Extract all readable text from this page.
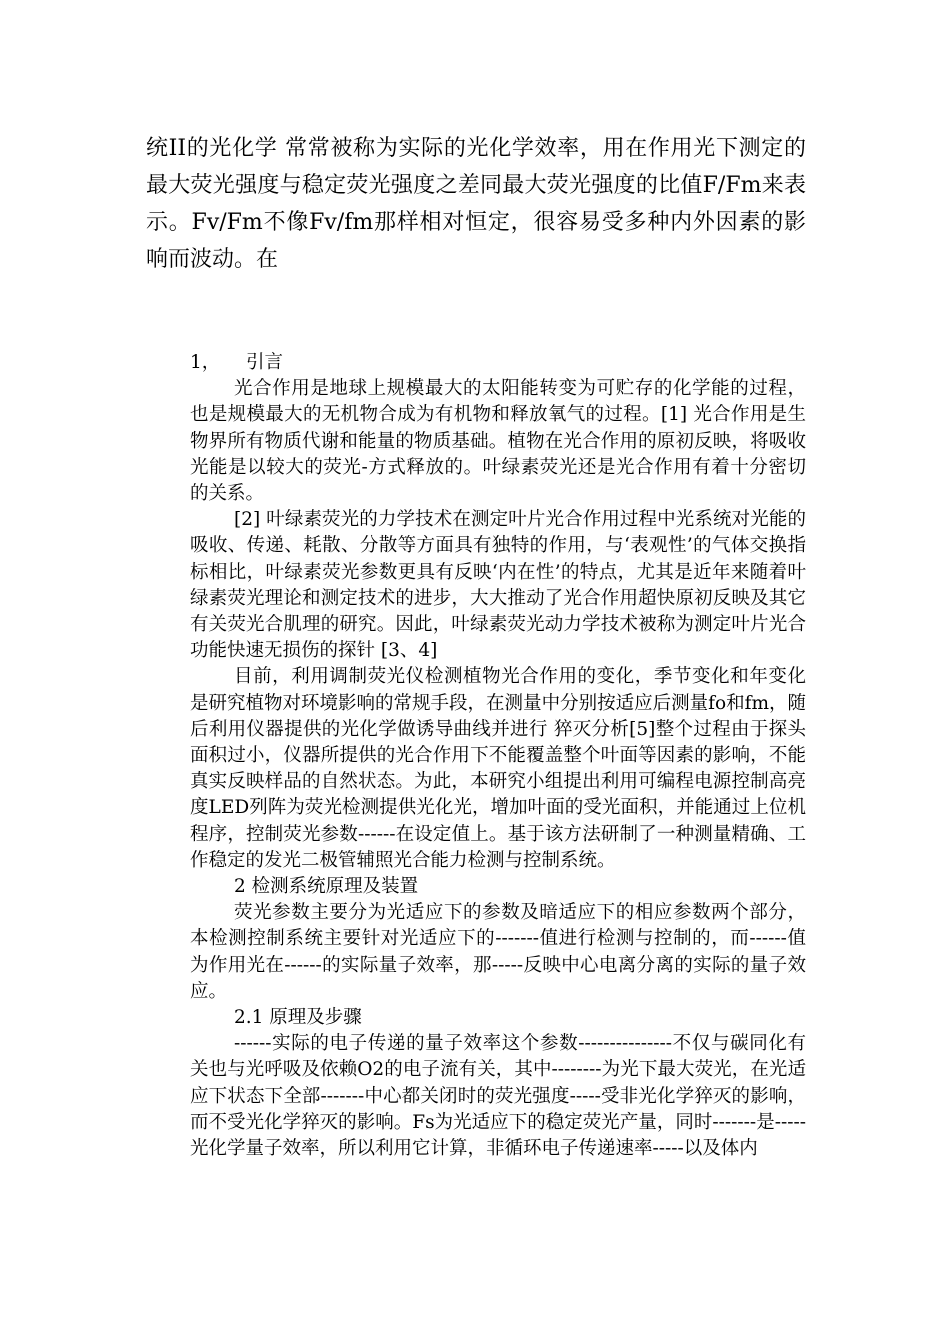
统II的光化学 常常被称为实际的光化学效率，用在作用光下测定的最大荧光强度与稳定荧光强度之差同最大荧光强度的比值F/Fm来表示。Fv/Fm不像Fv/fm那样相对恒定，很容易受多种内外因素的影响而波动。在

1， 引言

光合作用是地球上规模最大的太阳能转变为可贮存的化学能的过程，也是规模最大的无机物合成为有机物和释放氧气的过程。[1] 光合作用是生物界所有物质代谢和能量的物质基础。植物在光合作用的原初反映，将吸收光能是以较大的荧光-方式释放的。叶绿素荧光还是光合作用有着十分密切的关系。

[2] 叶绿素荧光的力学技术在测定叶片光合作用过程中光系统对光能的吸收、传递、耗散、分散等方面具有独特的作用，与‘表观性’的气体交换指标相比，叶绿素荧光参数更具有反映‘内在性’的特点，尤其是近年来随着叶绿素荧光理论和测定技术的进步，大大推动了光合作用超快原初反映及其它有关荧光合肌理的研究。因此，叶绿素荧光动力学技术被称为测定叶片光合功能快速无损伤的探针 [3、4]

目前，利用调制荧光仪检测植物光合作用的变化，季节变化和年变化是研究植物对环境影响的常规手段，在测量中分别按适应后测量fo和fm，随后利用仪器提供的光化学做诱导曲线并进行 猝灭分析[5]整个过程由于探头面积过小，仪器所提供的光合作用下不能覆盖整个叶面等因素的影响，不能真实反映样品的自然状态。为此，本研究小组提出利用可编程电源控制高亮度LED列阵为荧光检测提供光化光，增加叶面的受光面积，并能通过上位机程序，控制荧光参数------在设定值上。基于该方法研制了一种测量精确、工作稳定的发光二极管辅照光合能力检测与控制系统。

2 检测系统原理及装置

荧光参数主要分为光适应下的参数及暗适应下的相应参数两个部分，本检测控制系统主要针对光适应下的-------值进行检测与控制的，而------值为作用光在------的实际量子效率，那-----反映中心电离分离的实际的量子效应。

2.1 原理及步骤

------实际的电子传递的量子效率这个参数---------------不仅与碳同化有关也与光呼吸及依赖O2的电子流有关，其中--------为光下最大荧光，在光适应下状态下全部-------中心都关闭时的荧光强度-----受非光化学猝灭的影响，而不受光化学猝灭的影响。Fs为光适应下的稳定荧光产量，同时-------是-----光化学量子效率，所以利用它计算，非循环电子传递速率-----以及体内
